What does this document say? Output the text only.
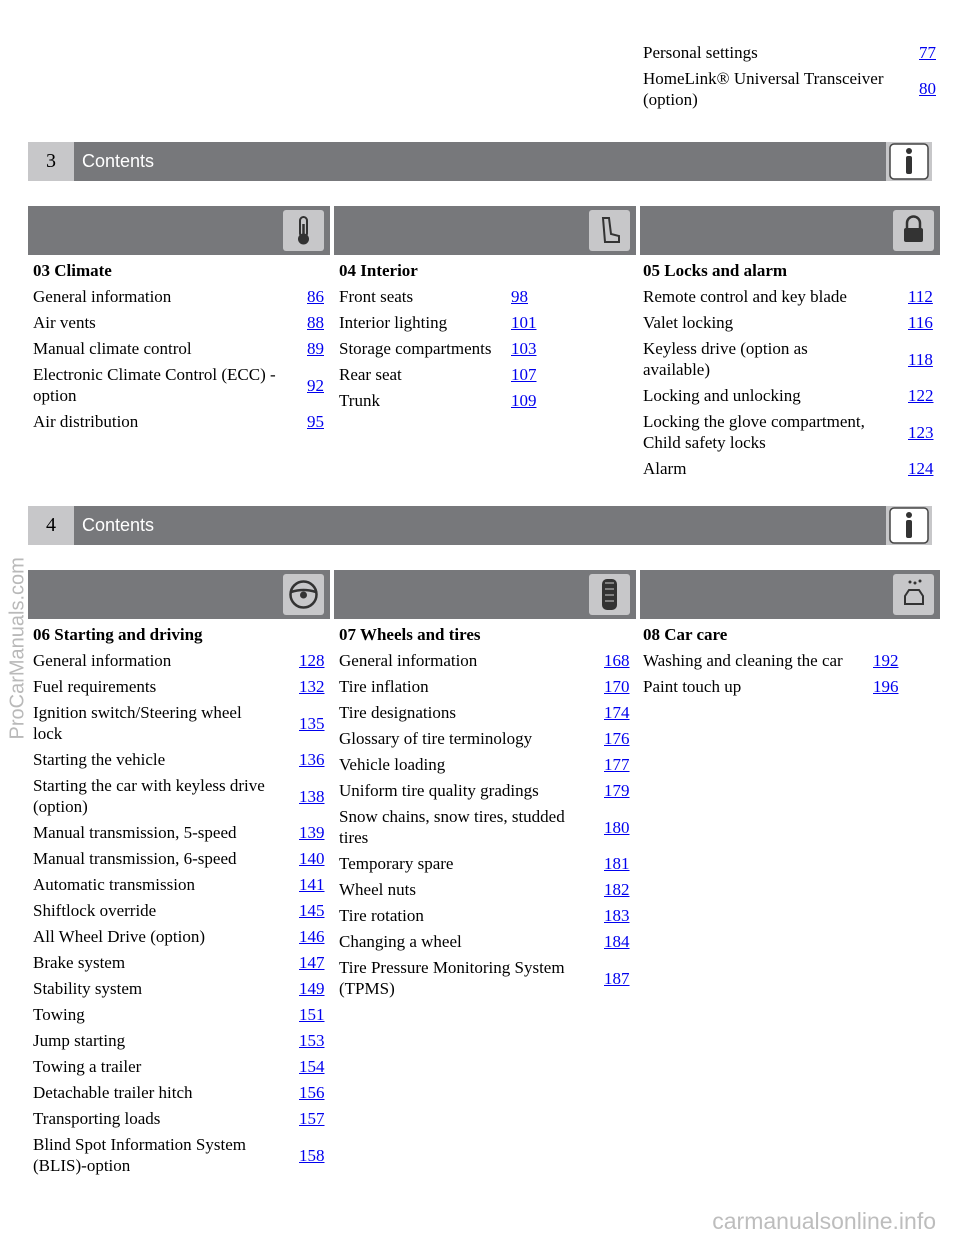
Personal settings	77
HomeLink® Universal Transceiver
(option)
80
3	Contents
03 Climate	04 Interior	05 Locks and alarm
4	Contents
06 Starting and driving	07 Wheels and tires	08 Car care
ProCarManuals.com
carmanualsonline.info
General information	86
Air vents	88
Manual climate control	89
Electronic Climate Control (ECC) -
option
92
Air distribution	95
Front seats	98
Interior lighting	101
Storage compartments 103
Rear seat	107
Trunk	109
Remote control and key blade	112
Valet locking	116
Keyless drive (option as
available)
118
Locking and unlocking	122
Locking the glove compartment,
Child safety locks
123
Alarm	124
General information	128
Fuel requirements	132
Ignition switch/Steering wheel
lock
135
Starting the vehicle	136
Starting the car with keyless drive
(option)
138
Manual transmission, 5-speed	139
Manual transmission, 6-speed	140
Automatic transmission	141
Shiftlock override	145
All Wheel Drive (option)	146
Brake system	147
Stability system	149
Towing	151
Jump starting	153
Towing a trailer	154
Detachable trailer hitch	156
Transporting loads	157
Blind Spot Information System
(BLIS)-option
158
General information	168
Tire inflation	170
Tire designations	174
Glossary of tire terminology	176
Vehicle loading	177
Uniform tire quality gradings	179
Snow chains, snow tires, studded
tires
180
Temporary spare	181
Wheel nuts	182
Tire rotation	183
Changing a wheel	184
Tire Pressure Monitoring System
(TPMS)
187
Washing and cleaning the car 192
Paint touch up	196
